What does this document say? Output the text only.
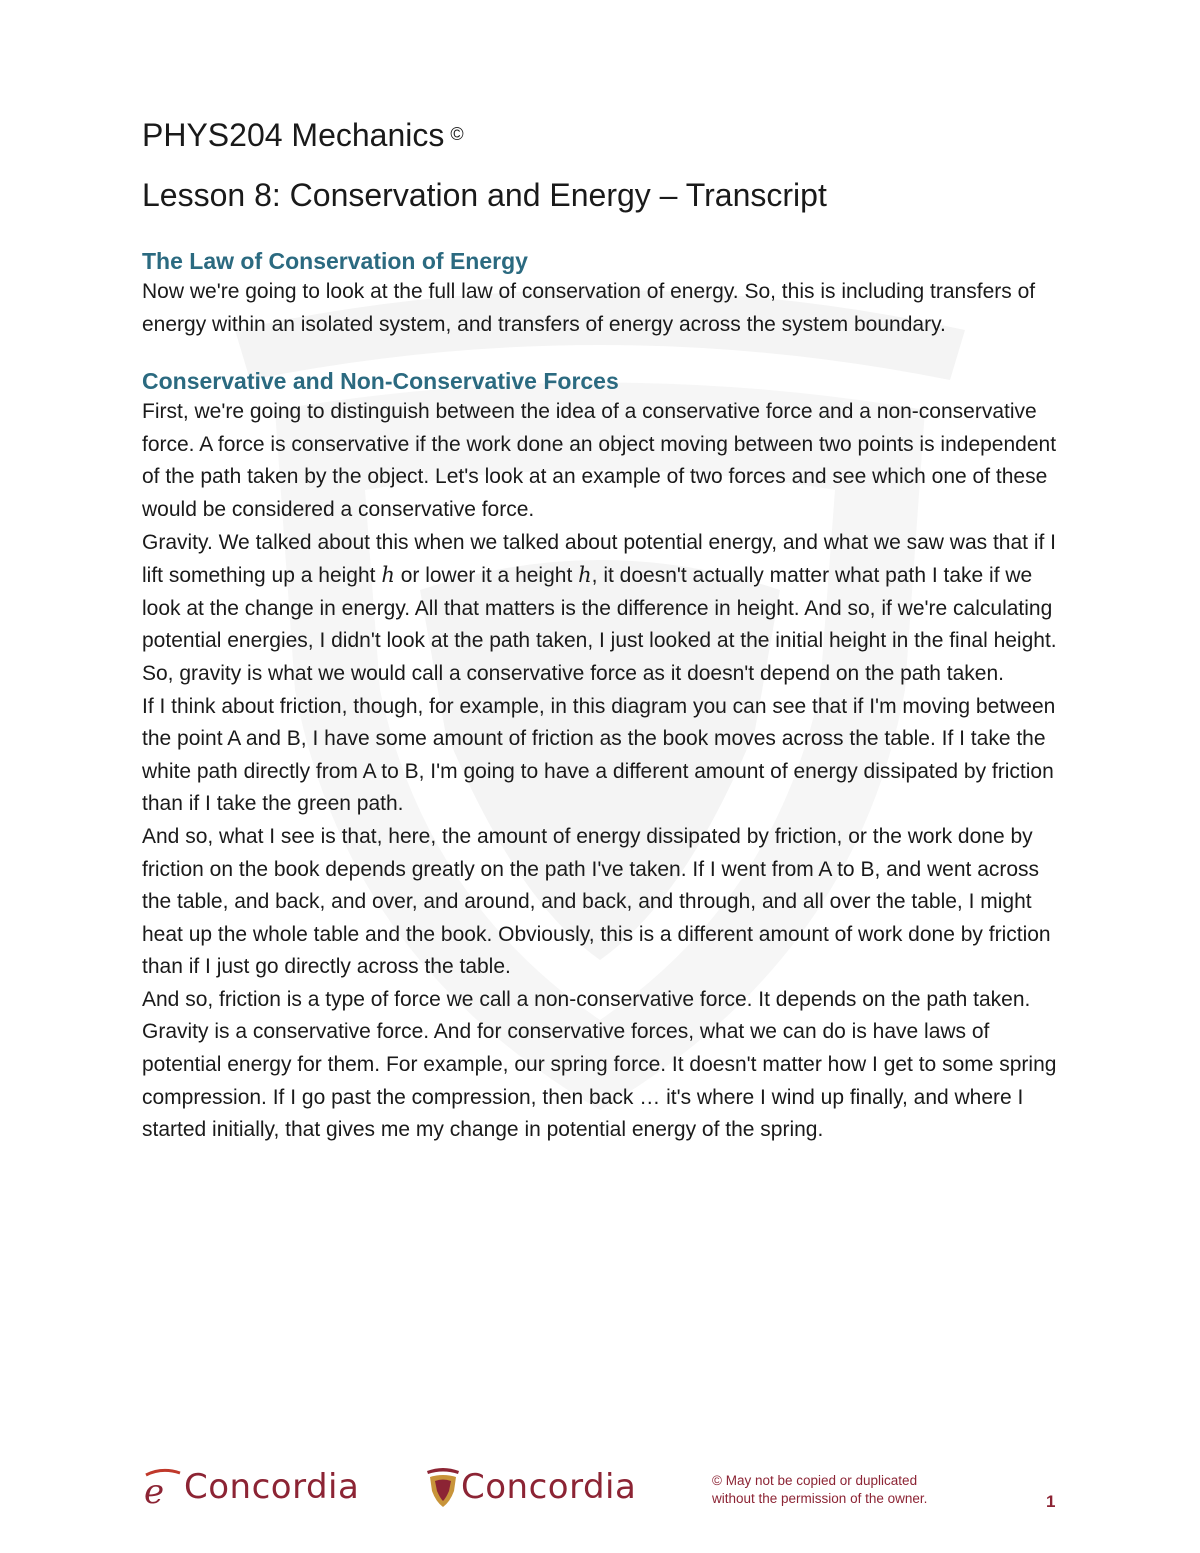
PHYS204 Mechanics ©
Lesson 8: Conservation and Energy – Transcript
The Law of Conservation of Energy

Now we're going to look at the full law of conservation of energy. So, this is including transfers of energy within an isolated system, and transfers of energy across the system boundary.

Conservative and Non-Conservative Forces

First, we're going to distinguish between the idea of a conservative force and a non-conservative force. A force is conservative if the work done an object moving between two points is independent of the path taken by the object. Let's look at an example of two forces and see which one of these would be considered a conservative force.

Gravity. We talked about this when we talked about potential energy, and what we saw was that if I lift something up a height h or lower it a height h, it doesn't actually matter what path I take if we look at the change in energy. All that matters is the difference in height. And so, if we're calculating potential energies, I didn't look at the path taken, I just looked at the initial height in the final height. So, gravity is what we would call a conservative force as it doesn't depend on the path taken.

If I think about friction, though, for example, in this diagram you can see that if I'm moving between the point A and B, I have some amount of friction as the book moves across the table. If I take the white path directly from A to B, I'm going to have a different amount of energy dissipated by friction than if I take the green path.

And so, what I see is that, here, the amount of energy dissipated by friction, or the work done by friction on the book depends greatly on the path I've taken. If I went from A to B, and went across the table, and back, and over, and around, and back, and through, and all over the table, I might heat up the whole table and the book. Obviously, this is a different amount of work done by friction than if I just go directly across the table.

And so, friction is a type of force we call a non-conservative force. It depends on the path taken. Gravity is a conservative force. And for conservative forces, what we can do is have laws of potential energy for them. For example, our spring force. It doesn't matter how I get to some spring compression. If I go past the compression, then back … it's where I wind up finally, and where I started initially, that gives me my change in potential energy of the spring.

e Concordia	Concordia	© May not be copied or duplicated
without the permission of the owner.	1
